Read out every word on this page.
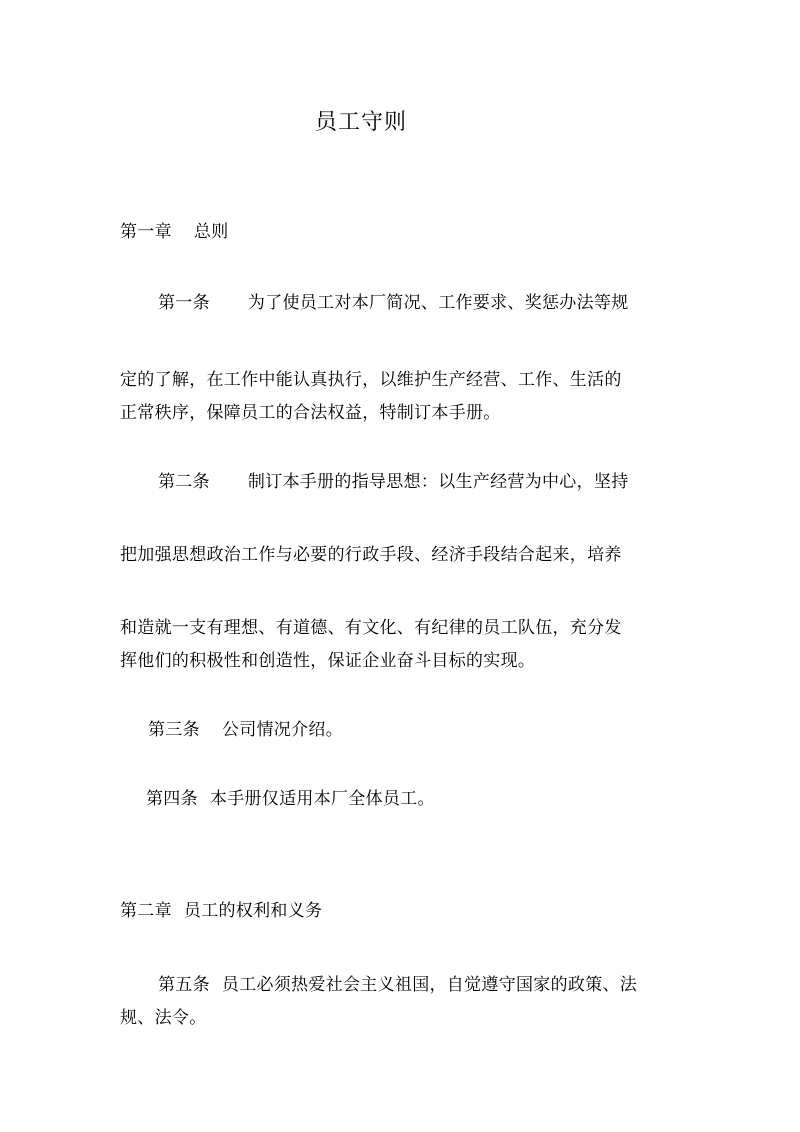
员工守则
第一章 总则
第一条 为了使员工对本厂简况、工作要求、奖惩办法等规
定的了解，在工作中能认真执行，以维护生产经营、工作、生活的
正常秩序，保障员工的合法权益，特制订本手册。
第二条 制订本手册的指导思想：以生产经营为中心，坚持
把加强思想政治工作与必要的行政手段、经济手段结合起来，培养
和造就一支有理想、有道德、有文化、有纪律的员工队伍，充分发
挥他们的积极性和创造性，保证企业奋斗目标的实现。
第三条 公司情况介绍。
第四条 本手册仅适用本厂全体员工。
第二章 员工的权利和义务
第五条 员工必须热爱社会主义祖国，自觉遵守国家的政策、法
规、法令。
